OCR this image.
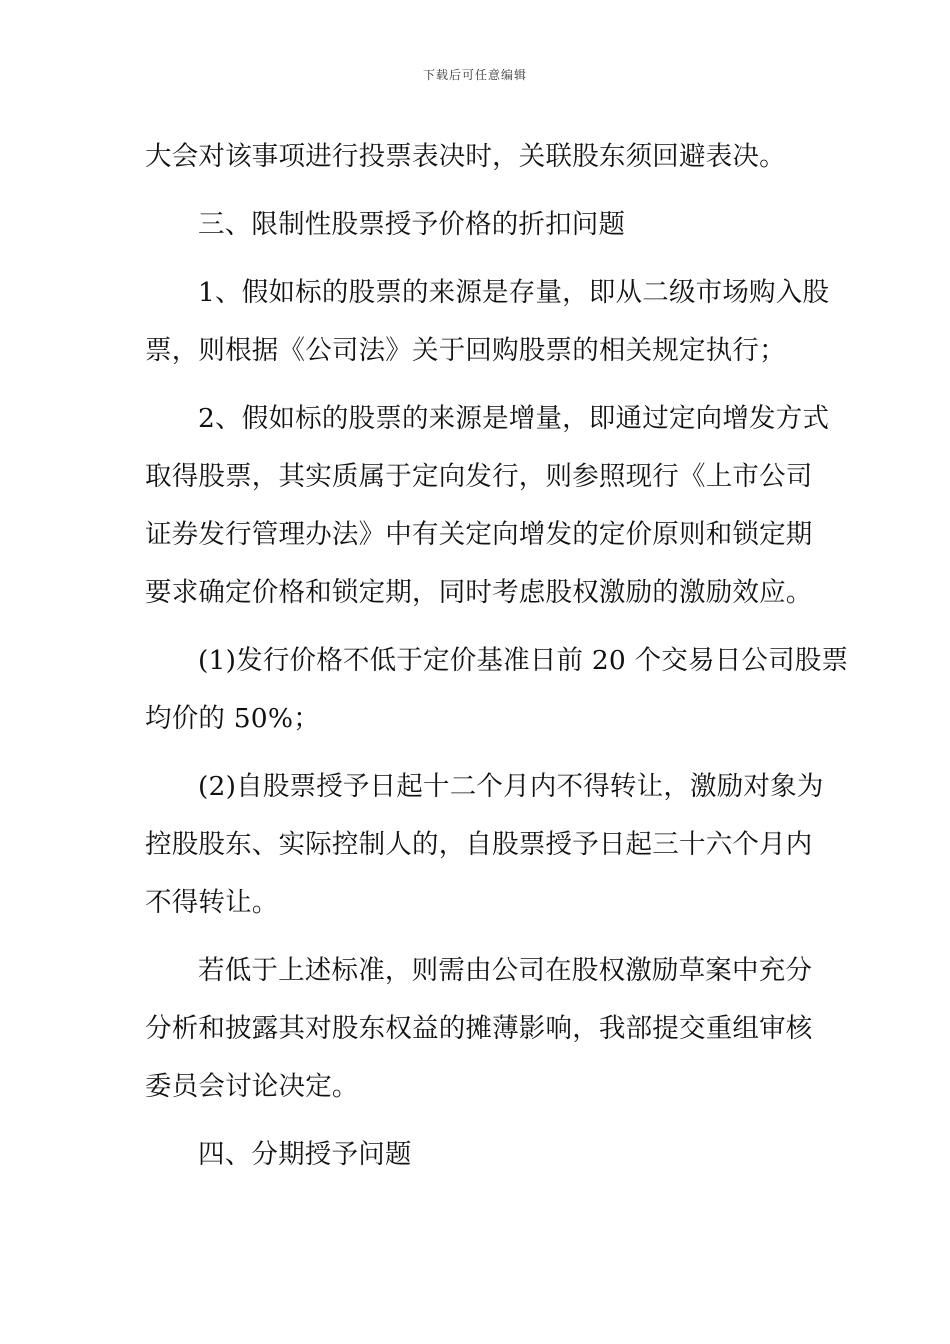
下载后可任意编辑
大会对该事项进行投票表决时，关联股东须回避表决。
三、限制性股票授予价格的折扣问题
1、假如标的股票的来源是存量，即从二级市场购入股
票，则根据《公司法》关于回购股票的相关规定执行；
2、假如标的股票的来源是增量，即通过定向增发方式
取得股票，其实质属于定向发行，则参照现行《上市公司
证券发行管理办法》中有关定向增发的定价原则和锁定期
要求确定价格和锁定期，同时考虑股权激励的激励效应。
(1)发行价格不低于定价基准日前 20 个交易日公司股票
均价的 50%；
(2)自股票授予日起十二个月内不得转让，激励对象为
控股股东、实际控制人的，自股票授予日起三十六个月内
不得转让。
若低于上述标准，则需由公司在股权激励草案中充分
分析和披露其对股东权益的摊薄影响，我部提交重组审核
委员会讨论决定。
四、分期授予问题
